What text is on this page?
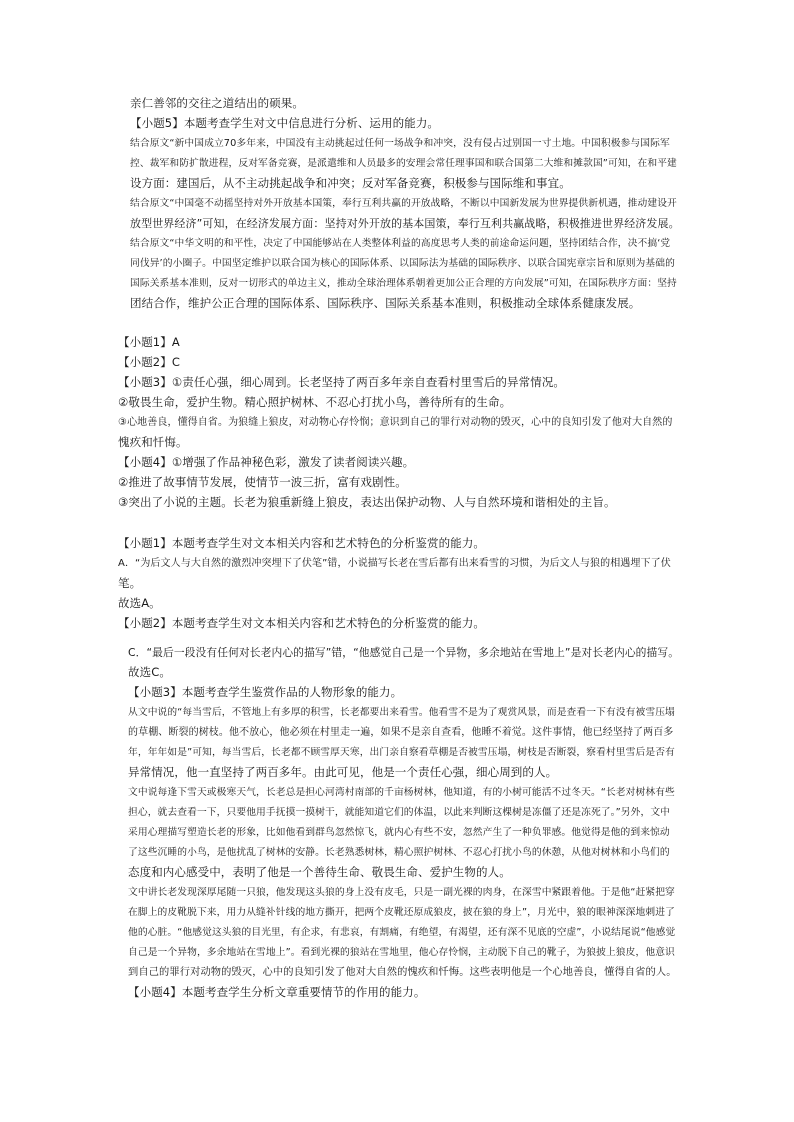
亲仁善邻的交往之道结出的硕果。
【小题5】本题考查学生对文中信息进行分析、运用的能力。
结合原文“新中国成立70多年来，中国没有主动挑起过任何一场战争和冲突，没有侵占过别国一寸土地。中国积极参与国际军
控、裁军和防扩散进程，反对军备竞赛，是派遣维和人员最多的安理会常任理事国和联合国第二大维和摊款国”可知，在和平建
设方面：建国后，从不主动挑起战争和冲突；反对军备竞赛，积极参与国际维和事宜。
结合原文“中国毫不动摇坚持对外开放基本国策，奉行互利共赢的开放战略，不断以中国新发展为世界提供新机遇，推动建设开
放型世界经济”可知，在经济发展方面：坚持对外开放的基本国策，奉行互利共赢战略，积极推进世界经济发展。
结合原文“中华文明的和平性，决定了中国能够站在人类整体利益的高度思考人类的前途命运问题，坚持团结合作，决不搞‘党
同伐异’的小圈子。中国坚定维护以联合国为核心的国际体系、以国际法为基础的国际秩序、以联合国宪章宗旨和原则为基础的
国际关系基本准则，反对一切形式的单边主义，推动全球治理体系朝着更加公正合理的方向发展”可知，在国际秩序方面：坚持
团结合作，维护公正合理的国际体系、国际秩序、国际关系基本准则，积极推动全球体系健康发展。
【小题1】A
【小题2】C
【小题3】①责任心强，细心周到。长老坚持了两百多年亲自查看村里雪后的异常情况。
②敬畏生命，爱护生物。精心照护树林、不忍心打扰小鸟，善待所有的生命。
③心地善良，懂得自省。为狼缝上狼皮，对动物心存怜悯；意识到自己的罪行对动物的毁灭，心中的良知引发了他对大自然的
愧疚和忏悔。
【小题4】①增强了作品神秘色彩，激发了读者阅读兴趣。
②推进了故事情节发展，使情节一波三折，富有戏剧性。
③突出了小说的主题。长老为狼重新缝上狼皮，表达出保护动物、人与自然环境和谐相处的主旨。
【小题1】本题考查学生对文本相关内容和艺术特色的分析鉴赏的能力。
A．“为后文人与大自然的激烈冲突埋下了伏笔”错，小说描写长老在雪后都有出来看雪的习惯，为后文人与狼的相遇埋下了伏
笔。
故选A。
【小题2】本题考查学生对文本相关内容和艺术特色的分析鉴赏的能力。
C．“最后一段没有任何对长老内心的描写”错，“他感觉自己是一个异物，多余地站在雪地上”是对长老内心的描写。
故选C。
【小题3】本题考查学生鉴赏作品的人物形象的能力。
从文中说的“每当雪后，不管地上有多厚的积雪，长老都要出来看雪。他看雪不是为了观赏风景，而是查看一下有没有被雪压塌
的草棚、断裂的树枝。他不放心，他必须在村里走一遍，如果不是亲自查看，他睡不着觉。这件事情，他已经坚持了两百多
年，年年如是”可知，每当雪后，长老都不顾雪厚天寒，出门亲自察看草棚是否被雪压塌，树枝是否断裂，察看村里雪后是否有
异常情况，他一直坚持了两百多年。由此可见，他是一个责任心强，细心周到的人。
文中说每逢下雪天或极寒天气，长老总是担心河湾村南部的千亩杨树林，他知道，有的小树可能活不过冬天。“长老对树林有些
担心，就去查看一下，只要他用手抚摸一摸树干，就能知道它们的体温，以此来判断这棵树是冻僵了还是冻死了。”另外，文中
采用心理描写塑造长老的形象，比如他看到群鸟忽然惊飞，就内心有些不安，忽然产生了一种负罪感。他觉得是他的到来惊动
了这些沉睡的小鸟，是他扰乱了树林的安静。长老熟悉树林，精心照护树林、不忍心打扰小鸟的休憩，从他对树林和小鸟们的
态度和内心感受中，表明了他是一个善待生命、敬畏生命、爱护生物的人。
文中讲长老发现深厚尾随一只狼，他发现这头狼的身上没有皮毛，只是一副光裸的肉身，在深雪中紧跟着他。于是他“赶紧把穿
在脚上的皮靴脱下来，用力从缝补针线的地方撕开，把两个皮靴还原成狼皮，披在狼的身上”，月光中，狼的眼神深深地刺进了
他的心脏。“他感觉这头狼的目光里，有企求，有悲哀，有割痛，有绝望，有渴望，还有深不见底的空虚”，小说结尾说“他感觉
自己是一个异物，多余地站在雪地上”。看到光裸的狼站在雪地里，他心存怜悯，主动脱下自己的靴子，为狼披上狼皮，他意识
到自己的罪行对动物的毁灭，心中的良知引发了他对大自然的愧疚和忏悔。这些表明他是一个心地善良，懂得自省的人。
【小题4】本题考查学生分析文章重要情节的作用的能力。
